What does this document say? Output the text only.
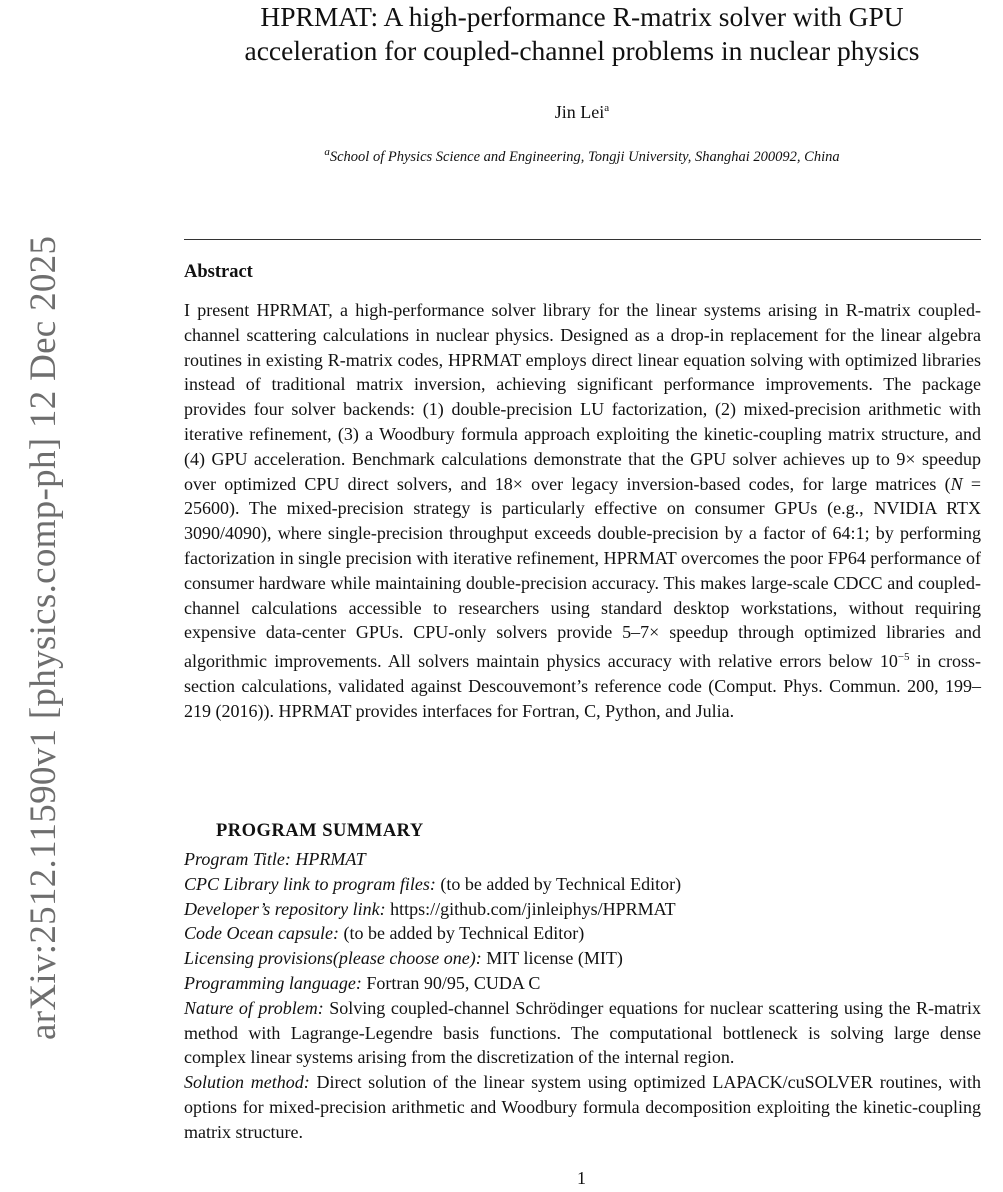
arXiv:2512.11590v1 [physics.comp-ph] 12 Dec 2025
HPRMAT: A high-performance R-matrix solver with GPU
acceleration for coupled-channel problems in nuclear physics
Jin Lei$^a$
$^a$School of Physics Science and Engineering, Tongji University, Shanghai 200092, China
Abstract
I present HPRMAT, a high-performance solver library for the linear systems arising in R-matrix coupled-channel scattering calculations in nuclear physics. Designed as a drop-in replacement for the linear algebra routines in existing R-matrix codes, HPRMAT employs direct linear equation solving with optimized libraries instead of traditional matrix inversion, achieving significant performance improvements. The package provides four solver backends: (1) double-precision LU factorization, (2) mixed-precision arithmetic with iterative refinement, (3) a Woodbury formula approach exploiting the kinetic-coupling matrix structure, and (4) GPU acceleration. Benchmark calculations demonstrate that the GPU solver achieves up to 9× speedup over optimized CPU direct solvers, and 18× over legacy inversion-based codes, for large matrices (N = 25600). The mixed-precision strategy is particularly effective on consumer GPUs (e.g., NVIDIA RTX 3090/4090), where single-precision throughput exceeds double-precision by a factor of 64:1; by performing factorization in single precision with iterative refinement, HPRMAT overcomes the poor FP64 performance of consumer hardware while maintaining double-precision accuracy. This makes large-scale CDCC and coupled-channel calculations accessible to researchers using standard desktop workstations, without requiring expensive data-center GPUs. CPU-only solvers provide 5–7× speedup through optimized libraries and algorithmic improvements. All solvers maintain physics accuracy with relative errors below $10^{-5}$ in cross-section calculations, validated against Descouvemont’s reference code (Comput. Phys. Commun. 200, 199–219 (2016)). HPRMAT provides interfaces for Fortran, C, Python, and Julia.
PROGRAM SUMMARY

Program Title: HPRMAT

CPC Library link to program files: (to be added by Technical Editor)

Developer’s repository link: https://github.com/jinleiphys/HPRMAT

Code Ocean capsule: (to be added by Technical Editor)

Licensing provisions(please choose one): MIT license (MIT)

Programming language: Fortran 90/95, CUDA C

Nature of problem: Solving coupled-channel Schrödinger equations for nuclear scattering using the R-matrix method with Lagrange-Legendre basis functions. The computational bottleneck is solving large dense complex linear systems arising from the discretization of the internal region.

Solution method: Direct solution of the linear system using optimized LAPACK/cuSOLVER routines, with options for mixed-precision arithmetic and Woodbury formula decomposition exploiting the kinetic-coupling matrix structure.

1
